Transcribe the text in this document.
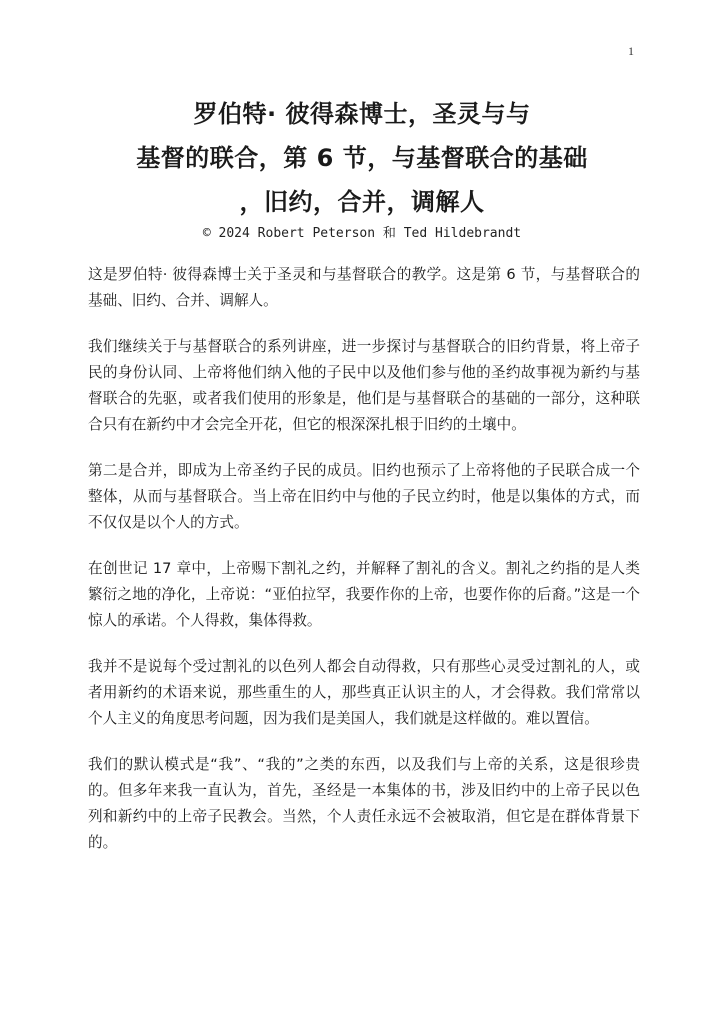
1
罗伯特· 彼得森博士，圣灵与与
基督的联合，第 6 节，与基督联合的基础
，旧约，合并，调解人
© 2024 Robert Peterson 和 Ted Hildebrandt

这是罗伯特· 彼得森博士关于圣灵和与基督联合的教学。这是第 6 节，与基督联合的基础、旧约、合并、调解人。

我们继续关于与基督联合的系列讲座，进一步探讨与基督联合的旧约背景，将上帝子民的身份认同、上帝将他们纳入他的子民中以及他们参与他的圣约故事视为新约与基督联合的先驱，或者我们使用的形象是，他们是与基督联合的基础的一部分，这种联合只有在新约中才会完全开花，但它的根深深扎根于旧约的土壤中。

第二是合并，即成为上帝圣约子民的成员。旧约也预示了上帝将他的子民联合成一个整体，从而与基督联合。当上帝在旧约中与他的子民立约时，他是以集体的方式，而不仅仅是以个人的方式。

在创世记 17 章中，上帝赐下割礼之约，并解释了割礼的含义。割礼之约指的是人类繁衍之地的净化，上帝说：“亚伯拉罕，我要作你的上帝，也要作你的后裔。”这是一个惊人的承诺。个人得救，集体得救。

我并不是说每个受过割礼的以色列人都会自动得救，只有那些心灵受过割礼的人，或者用新约的术语来说，那些重生的人，那些真正认识主的人，才会得救。我们常常以个人主义的角度思考问题，因为我们是美国人，我们就是这样做的。难以置信。

我们的默认模式是“我”、“我的”之类的东西，以及我们与上帝的关系，这是很珍贵的。但多年来我一直认为，首先，圣经是一本集体的书，涉及旧约中的上帝子民以色列和新约中的上帝子民教会。当然，个人责任永远不会被取消，但它是在群体背景下的。
